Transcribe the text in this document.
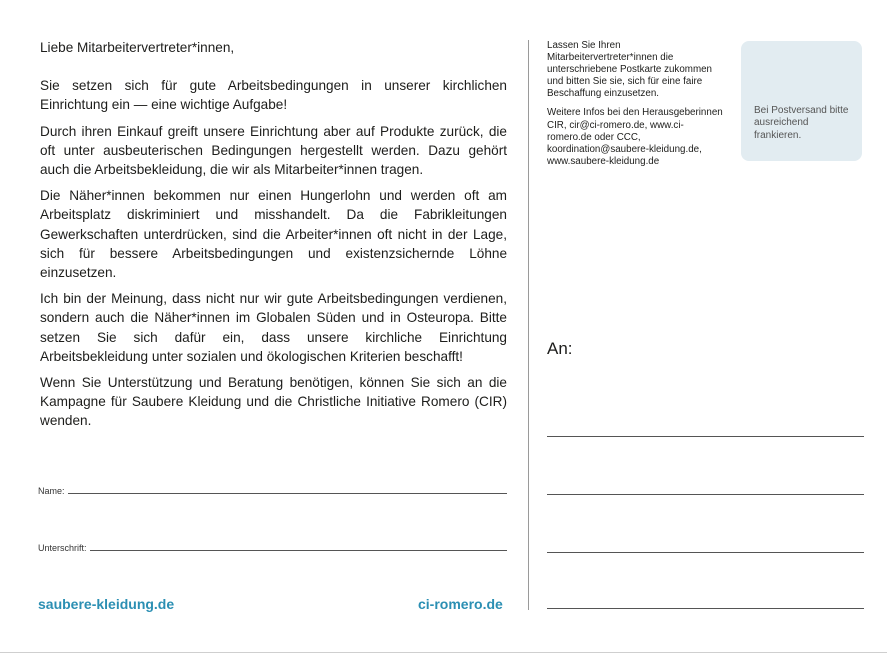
Liebe Mitarbeitervertreter*innen,

Sie setzen sich für gute Arbeitsbedingungen in unserer kirchlichen Einrichtung ein — eine wichtige Aufgabe!

Durch ihren Einkauf greift unsere Einrichtung aber auf Produkte zurück, die oft unter ausbeuterischen Bedingungen hergestellt werden. Dazu gehört auch die Arbeitsbekleidung, die wir als Mitarbeiter*innen tragen.

Die Näher*innen bekommen nur einen Hungerlohn und werden oft am Arbeitsplatz diskriminiert und misshandelt. Da die Fabrikleitungen Gewerkschaften unterdrücken, sind die Arbeiter*innen oft nicht in der Lage, sich für bessere Arbeitsbedingungen und existenzsichernde Löhne einzusetzen.

Ich bin der Meinung, dass nicht nur wir gute Arbeitsbedingungen verdienen, sondern auch die Näher*innen im Globalen Süden und in Osteuropa. Bitte setzen Sie sich dafür ein, dass unsere kirchliche Einrichtung Arbeitsbekleidung unter sozialen und ökologischen Kriterien beschafft!

Wenn Sie Unterstützung und Beratung benötigen, können Sie sich an die Kampagne für Saubere Kleidung und die Christliche Initiative Romero (CIR) wenden.

Name:
Unterschrift:
saubere-kleidung.de	ci-romero.de

Lassen Sie Ihren Mitarbeitervertreter*innen die unterschriebene Postkarte zukommen und bitten Sie sie, sich für eine faire Beschaffung einzusetzen.

Weitere Infos bei den Herausgeberinnen CIR, cir@ci-romero.de, www.ci-romero.de oder CCC, koordination@saubere-kleidung.de, www.saubere-kleidung.de

Bei Postversand bitte ausreichend frankieren.
An:
